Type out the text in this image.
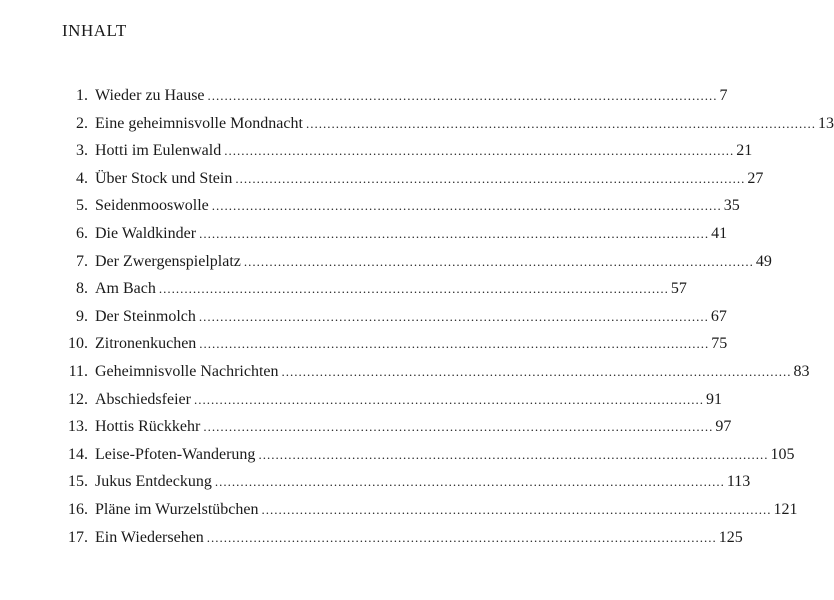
INHALT
1. Wieder zu Hause ........................................................................................................................ 7
2. Eine geheimnisvolle Mondnacht ........................................................................................................................ 13
3. Hotti im Eulenwald ........................................................................................................................ 21
4. Über Stock und Stein ........................................................................................................................ 27
5. Seidenmooswolle ........................................................................................................................ 35
6. Die Waldkinder ........................................................................................................................ 41
7. Der Zwergenspielplatz ........................................................................................................................ 49
8. Am Bach ........................................................................................................................ 57
9. Der Steinmolch ........................................................................................................................ 67
10. Zitronenkuchen ........................................................................................................................ 75
11. Geheimnisvolle Nachrichten ........................................................................................................................ 83
12. Abschiedsfeier ........................................................................................................................ 91
13. Hottis Rückkehr ........................................................................................................................ 97
14. Leise-Pfoten-Wanderung ........................................................................................................................ 105
15. Jukus Entdeckung ........................................................................................................................ 113
16. Pläne im Wurzelstübchen ........................................................................................................................ 121
17. Ein Wiedersehen ........................................................................................................................ 125
